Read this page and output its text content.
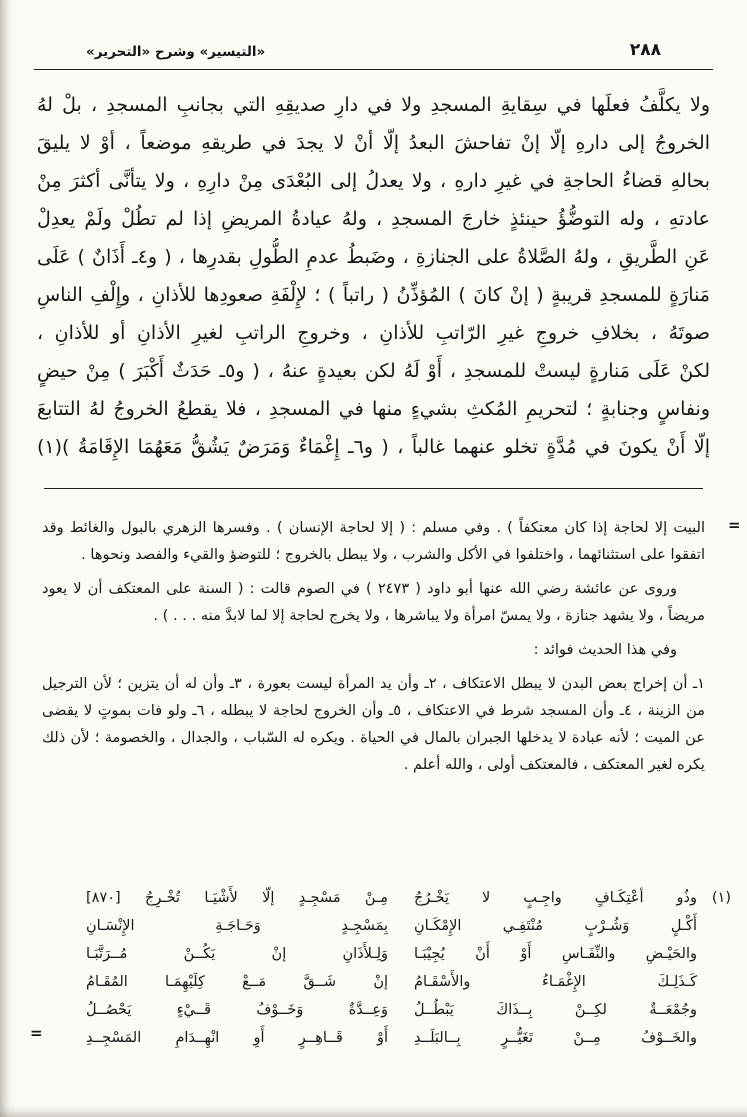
٢٨٨
«التيسير» وشرح «التحرير»
ولا يكلَّفُ فعلَها في سِقايةِ المسجدِ ولا في دارِ صديقِهِ التي بجانبِ المسجدِ ، بلْ لهُ
الخروجُ إلى دارهِ إلّا إنْ تفاحشَ البعدُ إلّا أنْ لا يجدَ في طريقهِ موضعاً ، أوْ لا يليقَ
بحالهِ قضاءُ الحاجةِ في غيرِ دارهِ ، ولا يعدلُ إلى البُعْدَى مِنْ دارِهِ ، ولا يتأنَّى أكثرَ مِنْ
عادتهِ ، وله التوضُّؤُ حينئذٍ خارجَ المسجدِ ، ولهُ عيادةُ المريضِ إذا لم تطُلْ ولَمْ يعدِلْ
عَنِ الطَّريقِ ، ولهُ الصَّلاةُ على الجنازةِ ، وضَبطُ عدمِ الطُّولِ بقدرِها ، ( و٤ـ أَذَانٌ ) عَلَى
مَنارَةٍ للمسجدِ قريبةٍ ( إنْ كانَ ) المُؤذِّنُ ( راتباً ) ؛ لإِلْفَةِ صعودِها للأذانِ ، وإِلْفِ الناسِ
صوتَهُ ، بخلافِ خروجِ غيرِ الرّاتبِ للأذانِ ، وخروجِ الراتبِ لغيرِ الأذانِ أو للأذانِ ،
لكنْ عَلَى مَنارةٍ ليستْ للمسجدِ ، أَوْ لَهُ لكن بعيدةٍ عنهُ ، ( و٥ـ حَدَثٌ أَكْبَرَ ) مِنْ حيضٍ
ونفاسٍ وجنابةٍ ؛ لتحريمِ المُكثِ بشيءٍ منها في المسجدِ ، فلا يقطعُ الخروجُ لهُ التتابعَ
إلّا أَنْ يكونَ في مُدَّةٍ تخلو عنهما غالباً ، ( و٦ـ إِغْمَاءٌ وَمَرَضٌ يَشُقُّ مَعَهُمَا الإِقَامَةُ )(١)
=

البيت إلا لحاجة إذا كان معتكفاً ) . وفي مسلم : ( إلا لحاجة الإنسان ) . وفسرها الزهري بالبول والغائط وقد اتفقوا على استثنائهما ، واختلفوا في الأكل والشرب ، ولا يبطل بالخروج ؛ للتوضؤ والقيء والفصد ونحوها .

وروى عن عائشة رضي الله عنها أبو داود ( ٢٤٧٣ ) في الصوم قالت : ( السنة على المعتكف أن لا يعود مريضاً ، ولا يشهد جنازة ، ولا يمسّ امرأة ولا يباشرها ، ولا يخرج لحاجة إلا لما لابدَّ منه . . . ) .

وفي هذا الحديث فوائد :

١ـ أن إخراج بعض البدن لا يبطل الاعتكاف ، ٢ـ وأن يد المرأة ليست بعورة ، ٣ـ وأن له أن يتزين ؛ لأن الترجيل من الزينة ، ٤ـ وأن المسجد شرط في الاعتكاف ، ٥ـ وأن الخروج لحاجة لا يبطله ، ٦ـ ولو فات بموتٍ لا يقضى عن الميت ؛ لأنه عبادة لا يدخلها الجبران بالمال في الحياة . ويكره له السّباب ، والجدال ، والخصومة ؛ لأن ذلك يكره لغير المعتكف ، فالمعتكف أولى ، والله أعلم .

(١)
وذُو أعْتِكَـافٍ واجِـبٍ لا يَخْـرُجُ
مِـنْ مَسْجِـدٍ إلّا لأَشْيَـا تُخْـرِجُ [٨٧٠]
أَكْـلٍ وَشُـرْبٍ مُنْتَفِـي الإِمْكَـانِ
بِمَسْجِـدٍ وَحَـاجَـةِ الإِنْسَـانِ
والحَيْـضِ والنِّفَـاسِ أَوْ أَنْ يُجِيْبَـا
وَلِـلأَذَانِ إنْ يَكُــنْ مُــرَتَّبَـا
كَـذَلِـكَ الإِغْمَـاءُ والأَسْقَـامُ
إنْ شَــقَّ مَــعْ كِلَيْهِمَـا المُقَـامُ
وجُمْعَــةٌ لكِــنْ بِــذَاكَ يَبْطُــلُ
وَعِــدَّةٌ وَخَــوْفُ قَــيْءٍ يَحْصُــلُ
والخَــوْفُ مِــنْ تَغَيُّــرٍ بِــالبَلَــدِ
أَوْ قَــاهِــرٍ أَوِ انْهِــدَامِ المَسْجِــدِ
=
